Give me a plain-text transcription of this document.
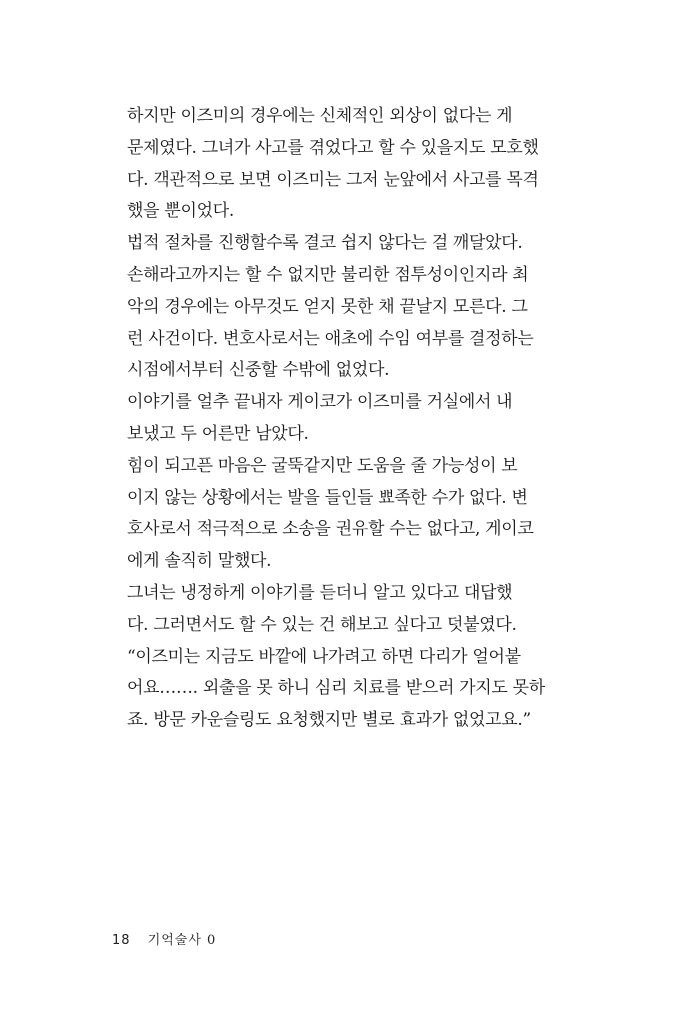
하지만 이즈미의 경우에는 신체적인 외상이 없다는 게
문제였다. 그녀가 사고를 겪었다고 할 수 있을지도 모호했
다. 객관적으로 보면 이즈미는 그저 눈앞에서 사고를 목격
했을 뿐이었다.

법적 절차를 진행할수록 결코 쉽지 않다는 걸 깨달았다.
손해라고까지는 할 수 없지만 불리한 점투성이인지라 최
악의 경우에는 아무것도 얻지 못한 채 끝날지 모른다. 그
런 사건이다. 변호사로서는 애초에 수임 여부를 결정하는
시점에서부터 신중할 수밖에 없었다.

이야기를 얼추 끝내자 게이코가 이즈미를 거실에서 내
보냈고 두 어른만 남았다.

힘이 되고픈 마음은 굴뚝같지만 도움을 줄 가능성이 보
이지 않는 상황에서는 발을 들인들 뾰족한 수가 없다. 변
호사로서 적극적으로 소송을 권유할 수는 없다고, 게이코
에게 솔직히 말했다.

그녀는 냉정하게 이야기를 듣더니 알고 있다고 대답했
다. 그러면서도 할 수 있는 건 해보고 싶다고 덧붙였다.

“이즈미는 지금도 바깥에 나가려고 하면 다리가 얼어붙
어요……. 외출을 못 하니 심리 치료를 받으러 가지도 못하
죠. 방문 카운슬링도 요청했지만 별로 효과가 없었고요.”

18 기억술사 0
